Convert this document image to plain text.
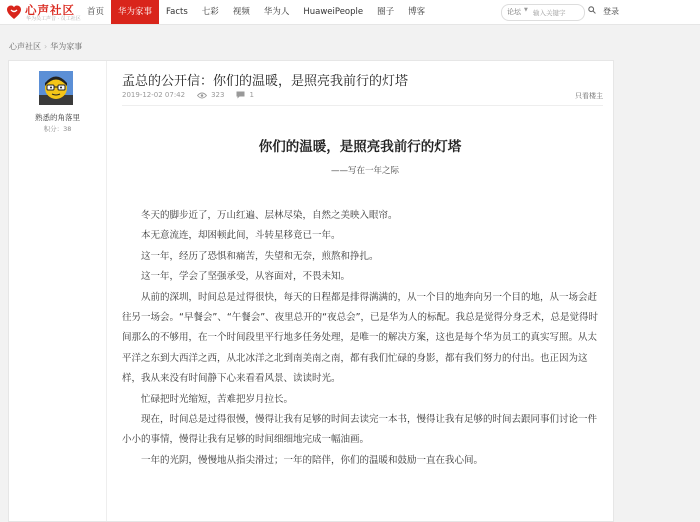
心声社区
华为员工声音 · 员工社区
首页	华为家事	Facts	七彩	视频	华为人	HuaweiPeople	圈子	博客	论坛 ▼
输入关键字	登录
心声社区 › 华为家事
熟悉的角落里
积分：38
孟总的公开信：你们的温暖，是照亮我前行的灯塔
2019-12-02 07:42	323	1	只看楼主
你们的温暖，是照亮我前行的灯塔
——写在一年之际

冬天的脚步近了，万山红遍、层林尽染，自然之美映入眼帘。

本无意流连，却困顿此间，斗转星移竟已一年。

这一年，经历了恐惧和痛苦，失望和无奈，煎熬和挣扎。

这一年，学会了坚强承受，从容面对，不畏未知。

从前的深圳，时间总是过得很快，每天的日程都是排得满满的，从一个目的地奔向另一个目的地，从一场会赶往另一场会。“早餐会”、“午餐会”、夜里总开的“夜总会”，已是华为人的标配。我总是觉得分身乏术，总是觉得时间那么的不够用，在一个时间段里平行地多任务处理，是唯一的解决方案，这也是每个华为员工的真实写照。从太平洋之东到大西洋之西，从北冰洋之北到南美南之南，都有我们忙碌的身影，都有我们努力的付出。也正因为这样，我从来没有时间静下心来看看风景、读读时光。

忙碌把时光缩短，苦难把岁月拉长。

现在，时间总是过得很慢，慢得让我有足够的时间去读完一本书，慢得让我有足够的时间去跟同事们讨论一件小小的事情，慢得让我有足够的时间细细地完成一幅油画。

一年的光阴，慢慢地从指尖滑过；一年的陪伴，你们的温暖和鼓励一直在我心间。
